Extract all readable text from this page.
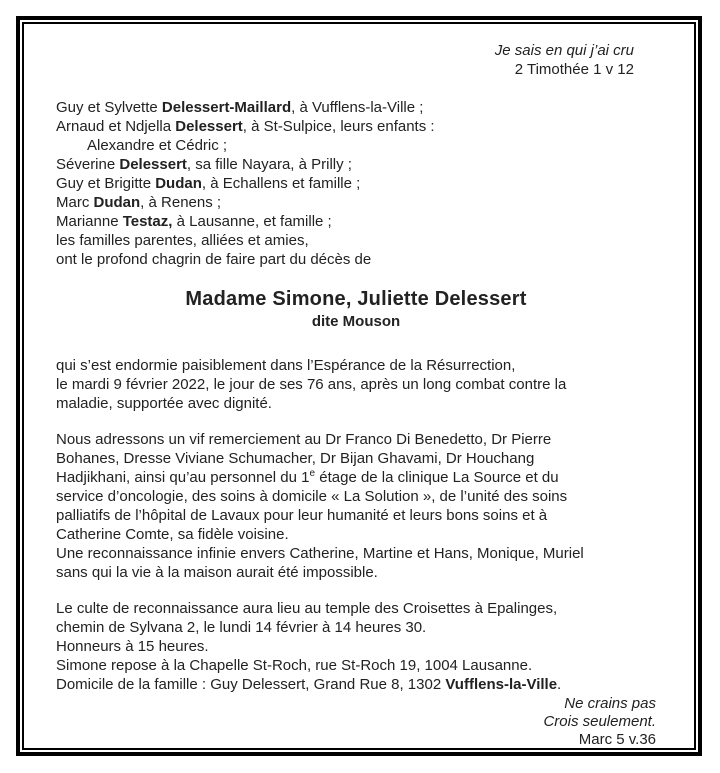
Je sais en qui j’ai cru
2 Timothée 1 v 12
Guy et Sylvette Delessert-Maillard, à Vufflens-la-Ville ;
Arnaud et Ndjella Delessert, à St-Sulpice, leurs enfants :
Alexandre et Cédric ;
Séverine Delessert, sa fille Nayara, à Prilly ;
Guy et Brigitte Dudan, à Echallens et famille ;
Marc Dudan, à Renens ;
Marianne Testaz, à Lausanne, et famille ;
les familles parentes, alliées et amies,
ont le profond chagrin de faire part du décès de
Madame Simone, Juliette Delessert
dite Mouson
qui s’est endormie paisiblement dans l’Espérance de la Résurrection,
le mardi 9 février 2022, le jour de ses 76 ans, après un long combat contre la
maladie, supportée avec dignité.
Nous adressons un vif remerciement au Dr Franco Di Benedetto, Dr Pierre
Bohanes, Dresse Viviane Schumacher, Dr Bijan Ghavami, Dr Houchang
Hadjikhani, ainsi qu’au personnel du 1e étage de la clinique La Source et du
service d’oncologie, des soins à domicile « La Solution », de l’unité des soins
palliatifs de l’hôpital de Lavaux pour leur humanité et leurs bons soins et à
Catherine Comte, sa fidèle voisine.
Une reconnaissance infinie envers Catherine, Martine et Hans, Monique, Muriel
sans qui la vie à la maison aurait été impossible.
Le culte de reconnaissance aura lieu au temple des Croisettes à Epalinges,
chemin de Sylvana 2, le lundi 14 février à 14 heures 30.
Honneurs à 15 heures.
Simone repose à la Chapelle St-Roch, rue St-Roch 19, 1004 Lausanne.
Domicile de la famille : Guy Delessert, Grand Rue 8, 1302 Vufflens-la-Ville.
Ne crains pas
Crois seulement.
Marc 5 v.36
